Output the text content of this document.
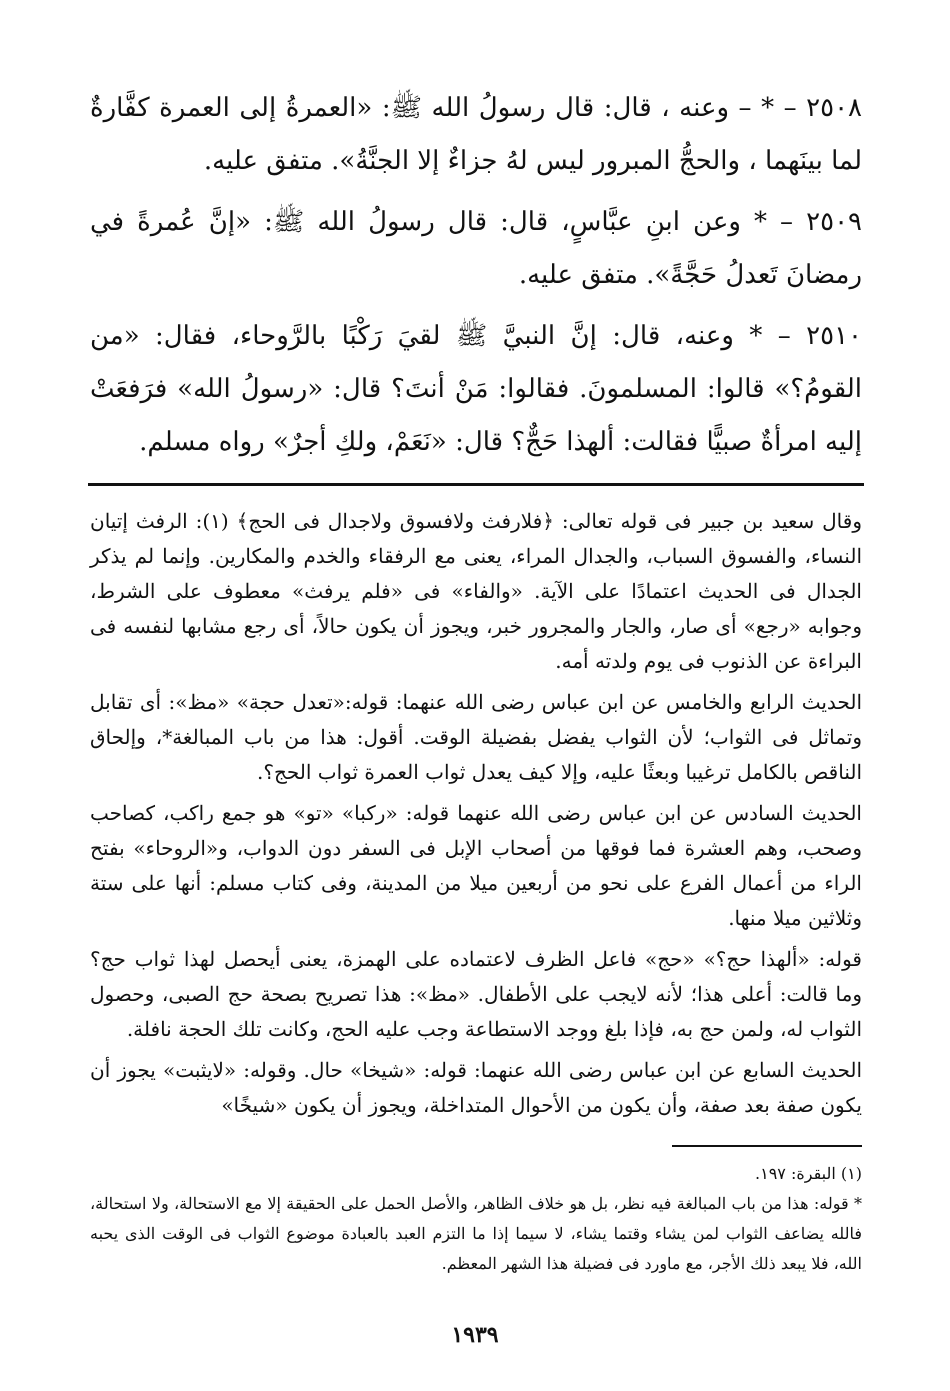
٢٥٠٨ – * – وعنه ، قال: قال رسولُ الله ﷺ: «العمرةُ إلى العمرة كفَّارةٌ لما بينَهما ، والحجُّ المبرور ليس لهُ جزاءٌ إلا الجنَّةُ». متفق عليه.

٢٥٠٩ – * وعن ابنِ عبَّاسٍ، قال: قال رسولُ الله ﷺ: «إنَّ عُمرةً في رمضانَ تَعدلُ حَجَّةً». متفق عليه.

٢٥١٠ – * وعنه، قال: إنَّ النبيَّ ﷺ لقيَ رَكْبًا بالرَّوحاء، فقال: «من القومُ؟» قالوا: المسلمونَ. فقالوا: مَنْ أنتَ؟ قال: «رسولُ الله» فرَفعَتْ إليه امرأةٌ صبيًّا فقالت: ألهذا حَجٌّ؟ قال: «نَعَمْ، ولكِ أجرٌ» رواه مسلم.

وقال سعيد بن جبير فى قوله تعالى: ﴿فلارفث ولافسوق ولاجدال فى الحج﴾ (١): الرفث إتيان النساء، والفسوق السباب، والجدال المراء، يعنى مع الرفقاء والخدم والمكارين. وإنما لم يذكر الجدال فى الحديث اعتمادًا على الآية. «والفاء» فى «فلم يرفث» معطوف على الشرط، وجوابه «رجع» أى صار، والجار والمجرور خبر، ويجوز أن يكون حالاً، أى رجع مشابها لنفسه فى البراءة عن الذنوب فى يوم ولدته أمه.

الحديث الرابع والخامس عن ابن عباس رضى الله عنهما: قوله:«تعدل حجة» «مظ»: أى تقابل وتماثل فى الثواب؛ لأن الثواب يفضل بفضيلة الوقت. أقول: هذا من باب المبالغة*، وإلحاق الناقص بالكامل ترغيبا وبعثًا عليه، وإلا كيف يعدل ثواب العمرة ثواب الحج؟.

الحديث السادس عن ابن عباس رضى الله عنهما قوله: «ركبا» «تو» هو جمع راكب، كصاحب وصحب، وهم العشرة فما فوقها من أصحاب الإبل فى السفر دون الدواب، و«الروحاء» بفتح الراء من أعمال الفرع على نحو من أربعين ميلا من المدينة، وفى كتاب مسلم: أنها على ستة وثلاثين ميلا منها.

قوله: «ألهذا حج؟» «حج» فاعل الظرف لاعتماده على الهمزة، يعنى أيحصل لهذا ثواب حج؟ وما قالت: أعلى هذا؛ لأنه لايجب على الأطفال. «مظ»: هذا تصريح بصحة حج الصبى، وحصول الثواب له، ولمن حج به، فإذا بلغ ووجد الاستطاعة وجب عليه الحج، وكانت تلك الحجة نافلة.

الحديث السابع عن ابن عباس رضى الله عنهما: قوله: «شيخا» حال. وقوله: «لايثبت» يجوز أن يكون صفة بعد صفة، وأن يكون من الأحوال المتداخلة، ويجوز أن يكون «شيخًا»

(١) البقرة: ١٩٧.

* قوله: هذا من باب المبالغة فيه نظر، بل هو خلاف الظاهر، والأصل الحمل على الحقيقة إلا مع الاستحالة، ولا استحالة، فالله يضاعف الثواب لمن يشاء وقتما يشاء، لا سيما إذا ما التزم العبد بالعبادة موضوع الثواب فى الوقت الذى يحبه الله، فلا يبعد ذلك الأجر، مع ماورد فى فضيلة هذا الشهر المعظم.

١٩٣٩
